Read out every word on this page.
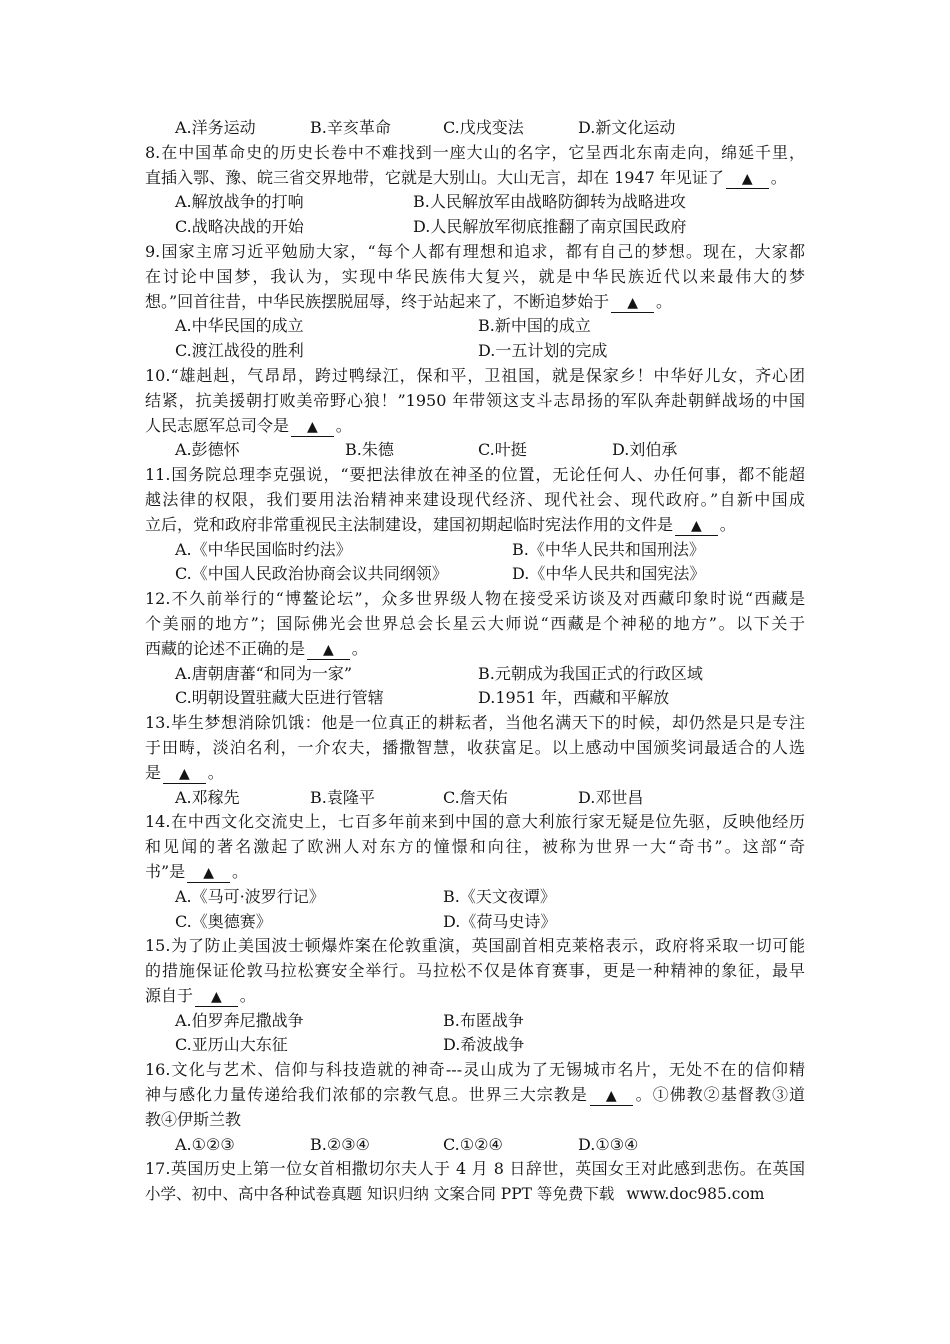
A.洋务运动	B.辛亥革命	C.戊戌变法	D.新文化运动
8.在中国革命史的历史长卷中不难找到一座大山的名字，它呈西北东南走向，绵延千里，
直插入鄂、豫、皖三省交界地带，它就是大别山。大山无言，却在 1947 年见证了 ▲ 。
A.解放战争的打响	B.人民解放军由战略防御转为战略进攻
C.战略决战的开始	D.人民解放军彻底推翻了南京国民政府
9.国家主席习近平勉励大家，“每个人都有理想和追求，都有自己的梦想。现在，大家都
在讨论中国梦，我认为，实现中华民族伟大复兴，就是中华民族近代以来最伟大的梦
想。”回首往昔，中华民族摆脱屈辱，终于站起来了，不断追梦始于 ▲ 。
A.中华民国的成立	B.新中国的成立
C.渡江战役的胜利	D.一五计划的完成
10.“雄赳赳，气昂昂，跨过鸭绿江，保和平，卫祖国，就是保家乡！中华好儿女，齐心团
结紧，抗美援朝打败美帝野心狼！”1950 年带领这支斗志昂扬的军队奔赴朝鲜战场的中国
人民志愿军总司令是 ▲ 。
A.彭德怀	B.朱德	C.叶挺	D.刘伯承
11.国务院总理李克强说，“要把法律放在神圣的位置，无论任何人、办任何事，都不能超
越法律的权限，我们要用法治精神来建设现代经济、现代社会、现代政府。”自新中国成
立后，党和政府非常重视民主法制建设，建国初期起临时宪法作用的文件是 ▲ 。
A.《中华民国临时约法》	B.《中华人民共和国刑法》
C.《中国人民政治协商会议共同纲领》	D.《中华人民共和国宪法》
12.不久前举行的“博鳌论坛”，众多世界级人物在接受采访谈及对西藏印象时说“西藏是
个美丽的地方”；国际佛光会世界总会长星云大师说“西藏是个神秘的地方”。以下关于
西藏的论述不正确的是 ▲ 。
A.唐朝唐蕃“和同为一家”	B.元朝成为我国正式的行政区域
C.明朝设置驻藏大臣进行管辖	D.1951 年，西藏和平解放
13.毕生梦想消除饥饿：他是一位真正的耕耘者，当他名满天下的时候，却仍然是只是专注
于田畴，淡泊名利，一介农夫，播撒智慧，收获富足。以上感动中国颁奖词最适合的人选
是 ▲ 。
A.邓稼先	B.袁隆平	C.詹天佑	D.邓世昌
14.在中西文化交流史上，七百多年前来到中国的意大利旅行家无疑是位先驱，反映他经历
和见闻的著名激起了欧洲人对东方的憧憬和向往，被称为世界一大“奇书”。这部“奇
书”是 ▲ 。
A.《马可·波罗行记》	B.《天文夜谭》
C.《奥德赛》	D.《荷马史诗》
15.为了防止美国波士顿爆炸案在伦敦重演，英国副首相克莱格表示，政府将采取一切可能
的措施保证伦敦马拉松赛安全举行。马拉松不仅是体育赛事，更是一种精神的象征，最早
源自于 ▲ 。
A.伯罗奔尼撒战争	B.布匿战争
C.亚历山大东征	D.希波战争
16.文化与艺术、信仰与科技造就的神奇---灵山成为了无锡城市名片，无处不在的信仰精
神与感化力量传递给我们浓郁的宗教气息。世界三大宗教是 ▲ 。①佛教②基督教③道
教④伊斯兰教
A.①②③	B.②③④	C.①②④	D.①③④
17.英国历史上第一位女首相撒切尔夫人于 4 月 8 日辞世，英国女王对此感到悲伤。在英国
小学、初中、高中各种试卷真题 知识归纳 文案合同 PPT 等免费下载 www.doc985.com
